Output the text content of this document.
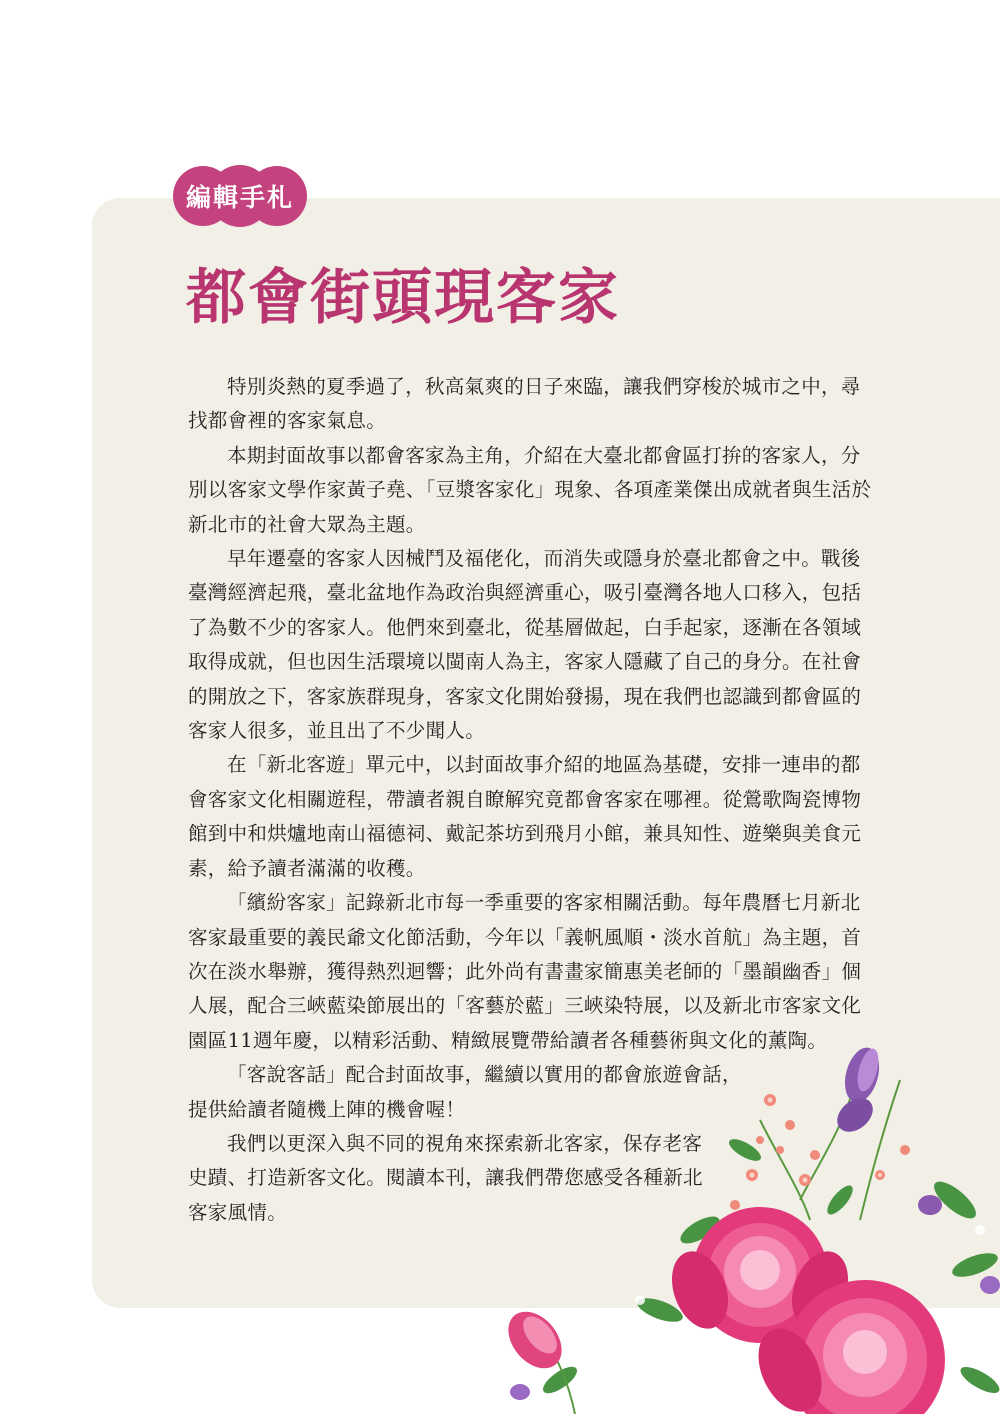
編輯手札
都會街頭現客家

特別炎熱的夏季過了，秋高氣爽的日子來臨，讓我們穿梭於城市之中，尋找都會裡的客家氣息。

本期封面故事以都會客家為主角，介紹在大臺北都會區打拚的客家人，分別以客家文學作家黃子堯、「豆漿客家化」現象、各項產業傑出成就者與生活於新北市的社會大眾為主題。

早年遷臺的客家人因械鬥及福佬化，而消失或隱身於臺北都會之中。戰後臺灣經濟起飛，臺北盆地作為政治與經濟重心，吸引臺灣各地人口移入，包括了為數不少的客家人。他們來到臺北，從基層做起，白手起家，逐漸在各領域取得成就，但也因生活環境以閩南人為主，客家人隱藏了自己的身分。在社會的開放之下，客家族群現身，客家文化開始發揚，現在我們也認識到都會區的客家人很多，並且出了不少聞人。

在「新北客遊」單元中，以封面故事介紹的地區為基礎，安排一連串的都會客家文化相關遊程，帶讀者親自瞭解究竟都會客家在哪裡。從鶯歌陶瓷博物館到中和烘爐地南山福德祠、戴記茶坊到飛月小館，兼具知性、遊樂與美食元素，給予讀者滿滿的收穫。

「繽紛客家」記錄新北市每一季重要的客家相關活動。每年農曆七月新北客家最重要的義民爺文化節活動，今年以「義帆風順・淡水首航」為主題，首次在淡水舉辦，獲得熱烈迴響；此外尚有書畫家簡惠美老師的「墨韻幽香」個人展，配合三峽藍染節展出的「客藝於藍」三峽染特展，以及新北市客家文化園區11週年慶，以精彩活動、精緻展覽帶給讀者各種藝術與文化的薰陶。

「客說客話」配合封面故事，繼續以實用的都會旅遊會話，提供給讀者隨機上陣的機會喔！

我們以更深入與不同的視角來探索新北客家，保存老客史蹟、打造新客文化。閱讀本刊，讓我們帶您感受各種新北客家風情。
